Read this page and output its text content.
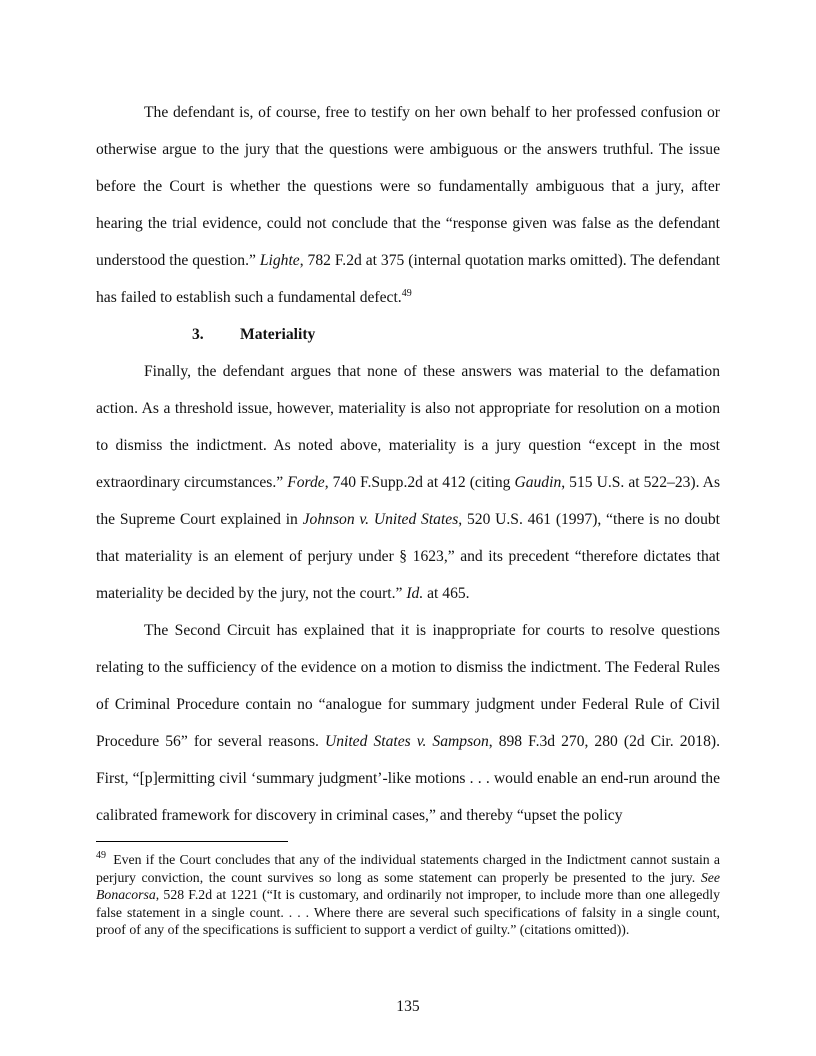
The defendant is, of course, free to testify on her own behalf to her professed confusion or otherwise argue to the jury that the questions were ambiguous or the answers truthful. The issue before the Court is whether the questions were so fundamentally ambiguous that a jury, after hearing the trial evidence, could not conclude that the “response given was false as the defendant understood the question.” Lighte, 782 F.2d at 375 (internal quotation marks omitted). The defendant has failed to establish such a fundamental defect.$^{49}$

3. Materiality

Finally, the defendant argues that none of these answers was material to the defamation action. As a threshold issue, however, materiality is also not appropriate for resolution on a motion to dismiss the indictment. As noted above, materiality is a jury question “except in the most extraordinary circumstances.” Forde, 740 F.Supp.2d at 412 (citing Gaudin, 515 U.S. at 522–23). As the Supreme Court explained in Johnson v. United States, 520 U.S. 461 (1997), “there is no doubt that materiality is an element of perjury under § 1623,” and its precedent “therefore dictates that materiality be decided by the jury, not the court.” Id. at 465.

The Second Circuit has explained that it is inappropriate for courts to resolve questions relating to the sufficiency of the evidence on a motion to dismiss the indictment. The Federal Rules of Criminal Procedure contain no “analogue for summary judgment under Federal Rule of Civil Procedure 56” for several reasons. United States v. Sampson, 898 F.3d 270, 280 (2d Cir. 2018). First, “[p]ermitting civil ‘summary judgment’-like motions . . . would enable an end-run around the calibrated framework for discovery in criminal cases,” and thereby “upset the policy

$^{49}$ Even if the Court concludes that any of the individual statements charged in the Indictment cannot sustain a perjury conviction, the count survives so long as some statement can properly be presented to the jury. See Bonacorsa, 528 F.2d at 1221 (“It is customary, and ordinarily not improper, to include more than one allegedly false statement in a single count. . . . Where there are several such specifications of falsity in a single count, proof of any of the specifications is sufficient to support a verdict of guilty.” (citations omitted)).
135
